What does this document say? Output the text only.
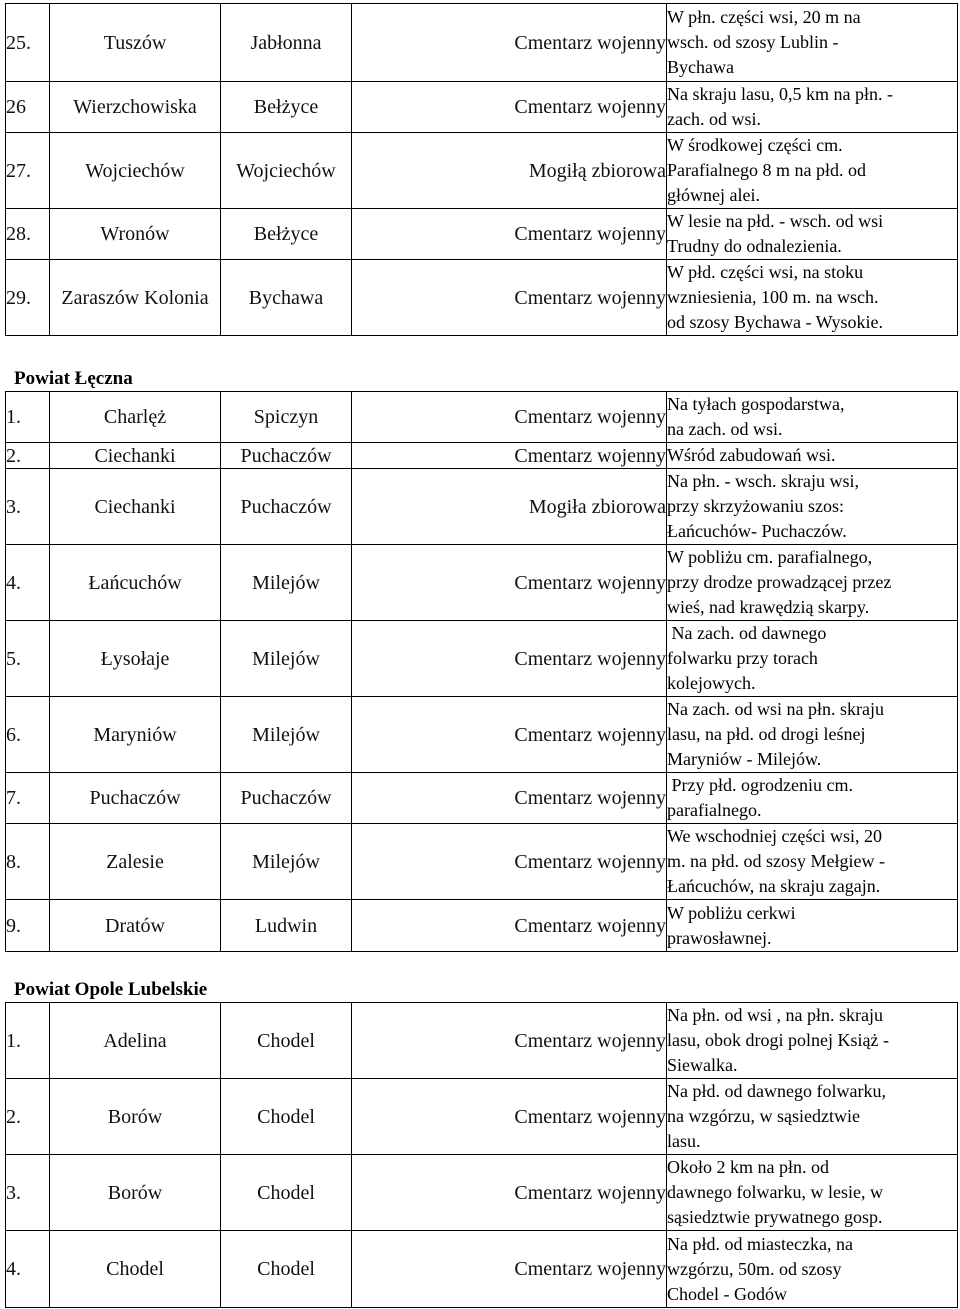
25.	Tuszów	Jabłonna	Cmentarz wojenny	W płn. części wsi, 20 m na
wsch. od szosy Lublin -
Bychawa

26	Wierzchowiska	Bełżyce	Cmentarz wojenny	Na skraju lasu, 0,5 km na płn. -
zach. od wsi.

27.	Wojciechów	Wojciechów	Mogiłą zbiorowa	W środkowej części cm.
Parafialnego 8 m na płd. od
głównej alei.

28.	Wronów	Bełżyce	Cmentarz wojenny	W lesie na płd. - wsch. od wsi
Trudny do odnalezienia.

29.	Zaraszów Kolonia	Bychawa	Cmentarz wojenny	W płd. części wsi, na stoku
wzniesienia, 100 m. na wsch.
od szosy Bychawa - Wysokie.
Powiat Łęczna
1.	Charlęż	Spiczyn	Cmentarz wojenny	Na tyłach gospodarstwa,
na zach. od wsi.

2.	Ciechanki	Puchaczów	Cmentarz wojenny	Wśród zabudowań wsi.

3.	Ciechanki	Puchaczów	Mogiła zbiorowa	Na płn. - wsch. skraju wsi,
przy skrzyżowaniu szos:
Łańcuchów- Puchaczów.

4.	Łańcuchów	Milejów	Cmentarz wojenny	W pobliżu cm. parafialnego,
przy drodze prowadzącej przez
wieś, nad krawędzią skarpy.

5.	Łysołaje	Milejów	Cmentarz wojenny	Na zach. od dawnego
folwarku przy torach
kolejowych.

6.	Maryniów	Milejów	Cmentarz wojenny	Na zach. od wsi na płn. skraju
lasu, na płd. od drogi leśnej
Maryniów - Milejów.

7.	Puchaczów	Puchaczów	Cmentarz wojenny	Przy płd. ogrodzeniu cm.
parafialnego.

8.	Zalesie	Milejów	Cmentarz wojenny	We wschodniej części wsi, 20
m. na płd. od szosy Mełgiew -
Łańcuchów, na skraju zagajn.

9.	Dratów	Ludwin	Cmentarz wojenny	W pobliżu cerkwi
prawosławnej.
Powiat Opole Lubelskie
1.	Adelina	Chodel	Cmentarz wojenny	Na płn. od wsi , na płn. skraju
lasu, obok drogi polnej Książ -
Siewalka.

2.	Borów	Chodel	Cmentarz wojenny	Na płd. od dawnego folwarku,
na wzgórzu, w sąsiedztwie
lasu.

3.	Borów	Chodel	Cmentarz wojenny	Około 2 km na płn. od
dawnego folwarku, w lesie, w
sąsiedztwie prywatnego gosp.

4.	Chodel	Chodel	Cmentarz wojenny	Na płd. od miasteczka, na
wzgórzu, 50m. od szosy
Chodel - Godów
